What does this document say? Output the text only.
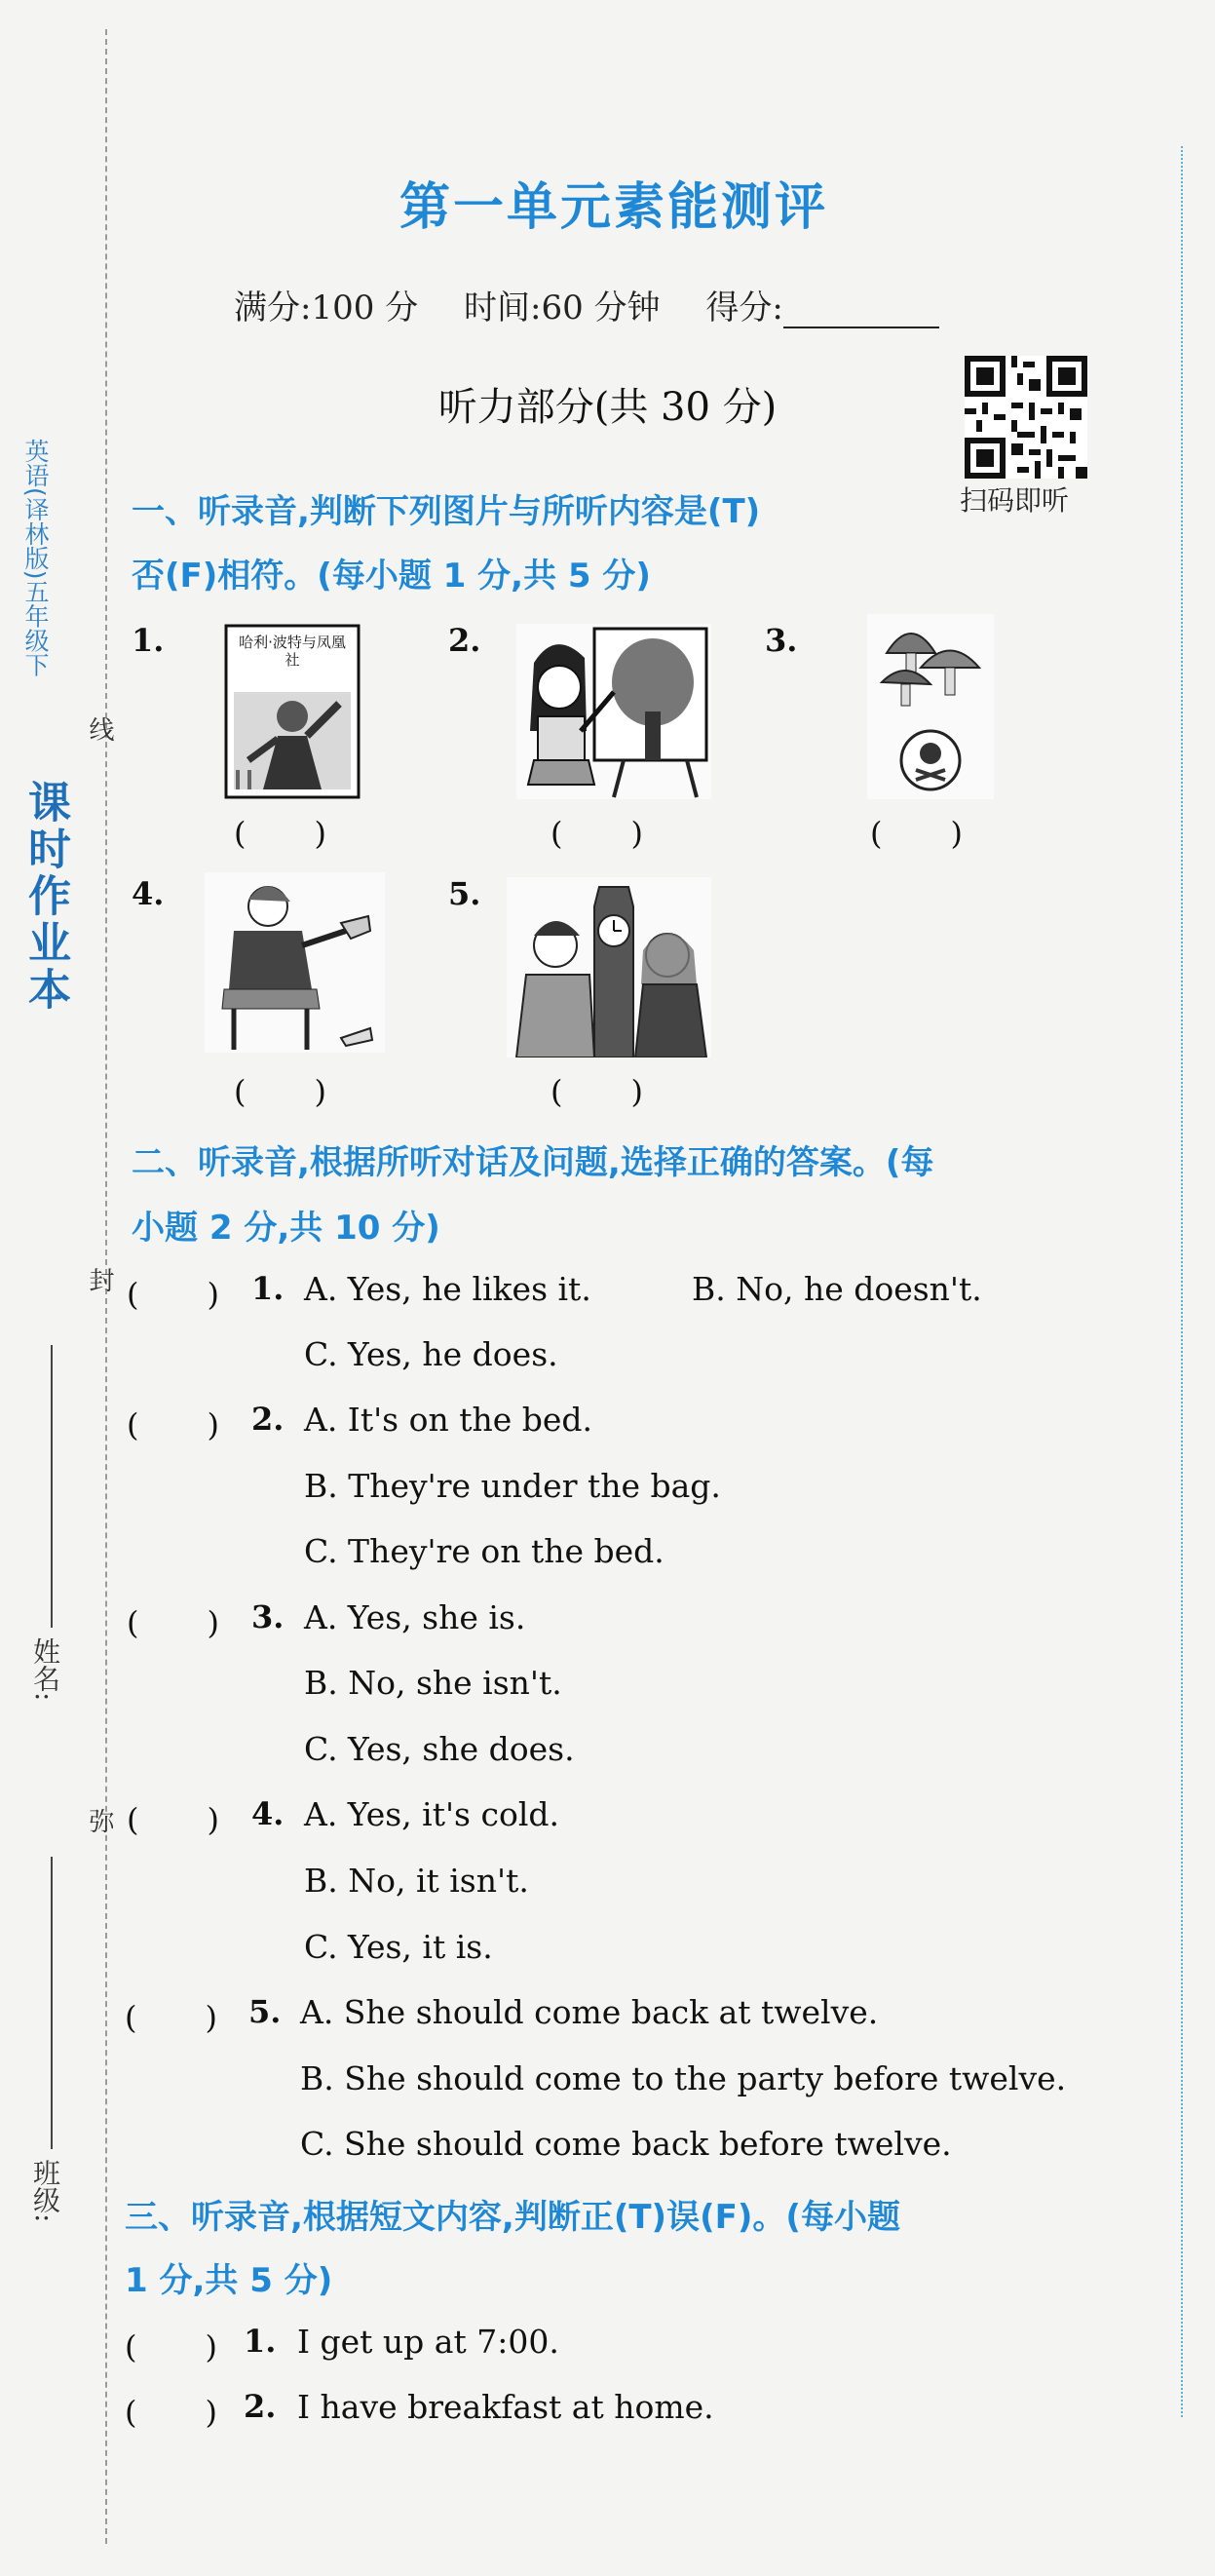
英语(译林版)五年级下
课时作业本
线
封
弥
姓名:
班级:
第一单元素能测评
满分:100 分 时间:60 分钟 得分:
听力部分(共 30 分)
扫码即听
一、听录音,判断下列图片与所听内容是(T)
否(F)相符。(每小题 1 分,共 5 分)
1.	哈利·波特与凤凰社
(　　)
2.
(　　)
3.
(　　)
4.
(　　)
5.
(　　)
二、听录音,根据所听对话及问题,选择正确的答案。(每
小题 2 分,共 10 分)
(　　) 1. A. Yes, he likes it.	B. No, he doesn't.
C. Yes, he does.
(　　) 2. A. It's on the bed.
B. They're under the bag.
C. They're on the bed.
(　　) 3. A. Yes, she is.
B. No, she isn't.
C. Yes, she does.
(　　) 4. A. Yes, it's cold.
B. No, it isn't.
C. Yes, it is.
(　　) 5. A. She should come back at twelve.
B. She should come to the party before twelve.
C. She should come back before twelve.
三、听录音,根据短文内容,判断正(T)误(F)。(每小题
1 分,共 5 分)
(　　) 1. I get up at 7:00.
(　　) 2. I have breakfast at home.
